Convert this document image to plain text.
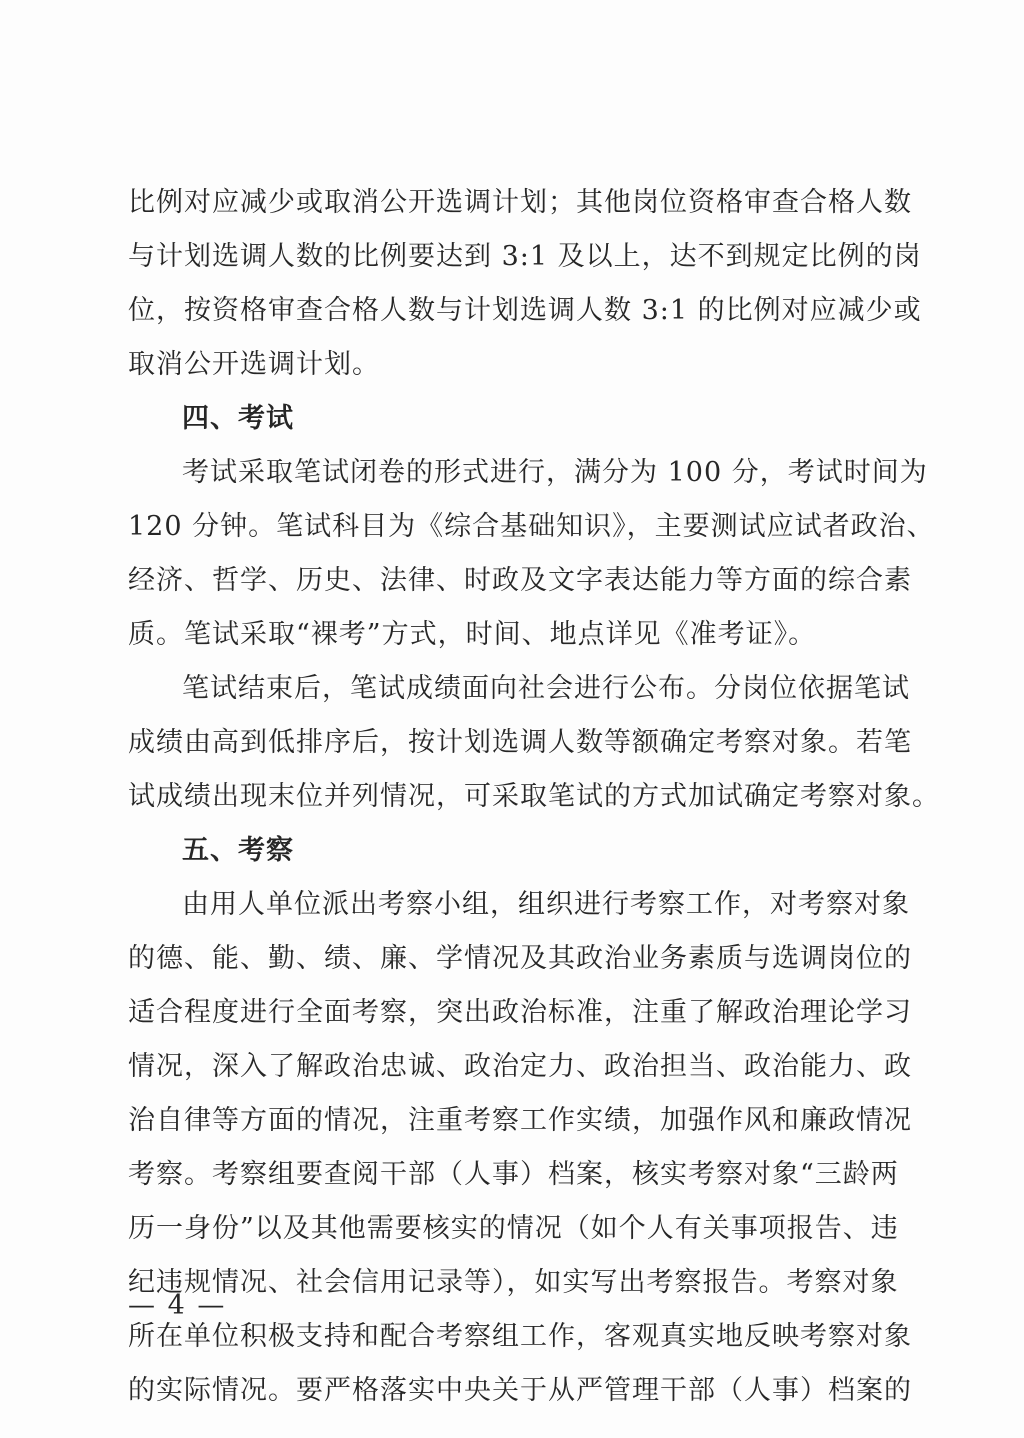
比例对应减少或取消公开选调计划；其他岗位资格审查合格人数
与计划选调人数的比例要达到 3:1 及以上，达不到规定比例的岗
位，按资格审查合格人数与计划选调人数 3:1 的比例对应减少或
取消公开选调计划。
四、考试
考试采取笔试闭卷的形式进行，满分为 100 分，考试时间为
120 分钟。笔试科目为《综合基础知识》，主要测试应试者政治、
经济、哲学、历史、法律、时政及文字表达能力等方面的综合素
质。笔试采取“裸考”方式，时间、地点详见《准考证》。
笔试结束后，笔试成绩面向社会进行公布。分岗位依据笔试
成绩由高到低排序后，按计划选调人数等额确定考察对象。若笔
试成绩出现末位并列情况，可采取笔试的方式加试确定考察对象。
五、考察
由用人单位派出考察小组，组织进行考察工作，对考察对象
的德、能、勤、绩、廉、学情况及其政治业务素质与选调岗位的
适合程度进行全面考察，突出政治标准，注重了解政治理论学习
情况，深入了解政治忠诚、政治定力、政治担当、政治能力、政
治自律等方面的情况，注重考察工作实绩，加强作风和廉政情况
考察。考察组要查阅干部（人事）档案，核实考察对象“三龄两
历一身份”以及其他需要核实的情况（如个人有关事项报告、违
纪违规情况、社会信用记录等），如实写出考察报告。考察对象
所在单位积极支持和配合考察组工作，客观真实地反映考察对象
的实际情况。要严格落实中央关于从严管理干部（人事）档案的
— 4 —
